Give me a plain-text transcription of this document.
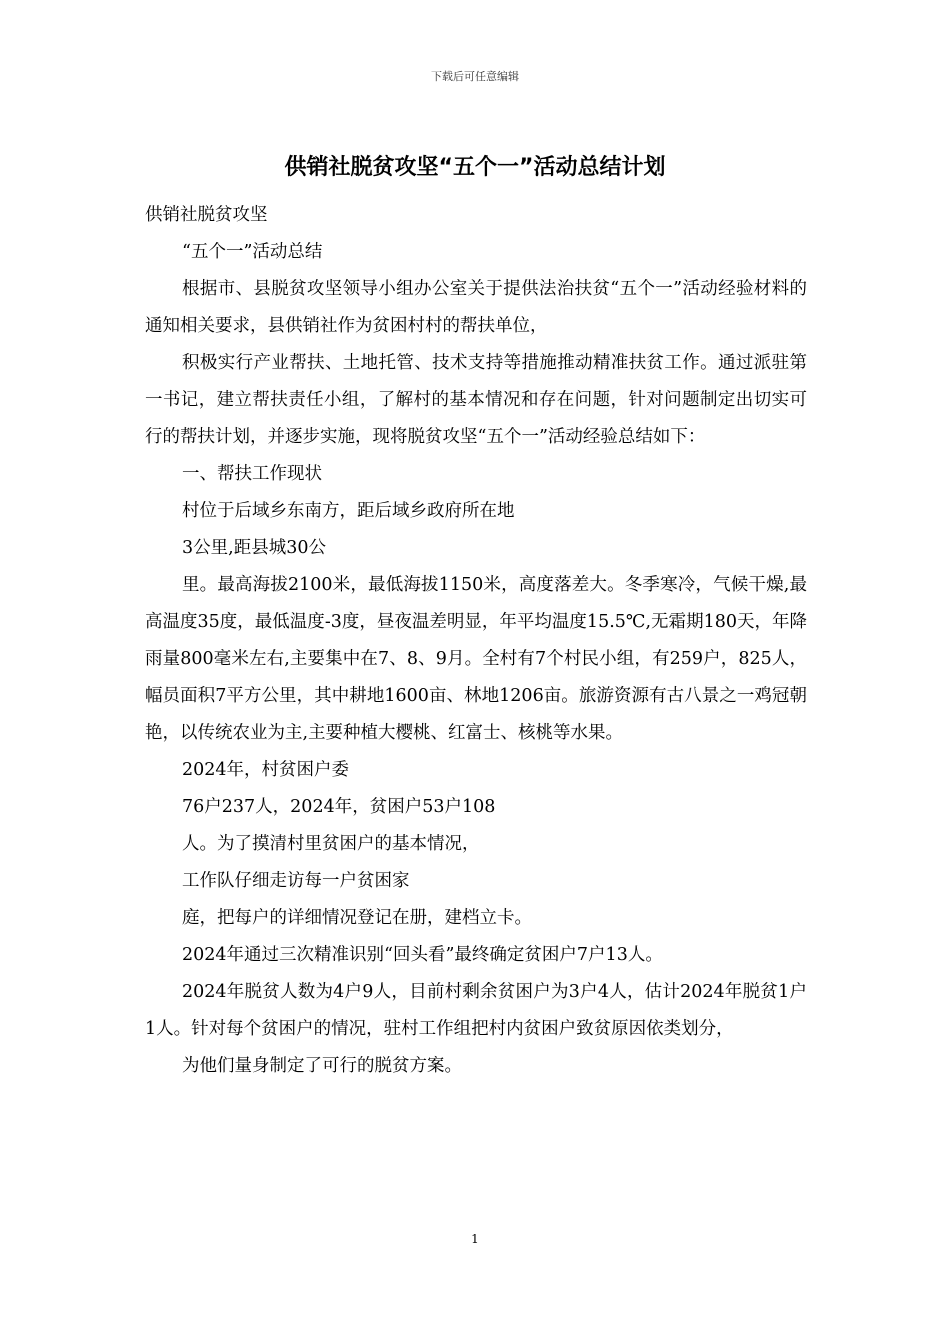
下载后可任意编辑
供销社脱贫攻坚“五个一”活动总结计划

供销社脱贫攻坚

“五个一”活动总结

根据市、县脱贫攻坚领导小组办公室关于提供法治扶贫“五个一”活动经验材料的通知相关要求，县供销社作为贫困村村的帮扶单位，

积极实行产业帮扶、土地托管、技术支持等措施推动精准扶贫工作。通过派驻第一书记，建立帮扶责任小组，了解村的基本情况和存在问题，针对问题制定出切实可行的帮扶计划，并逐步实施，现将脱贫攻坚“五个一”活动经验总结如下：

一、帮扶工作现状

村位于后域乡东南方，距后域乡政府所在地

3公里,距县城30公

里。最高海拔2100米，最低海拔1150米，高度落差大。冬季寒冷，气候干燥,最高温度35度，最低温度-3度，昼夜温差明显，年平均温度15.5℃,无霜期180天，年降雨量800毫米左右,主要集中在7、8、9月。全村有7个村民小组，有259户，825人，幅员面积7平方公里，其中耕地1600亩、林地1206亩。旅游资源有古八景之一鸡冠朝艳，以传统农业为主,主要种植大樱桃、红富士、核桃等水果。

2024年，村贫困户委

76户237人，2024年，贫困户53户108

人。为了摸清村里贫困户的基本情况，

工作队仔细走访每一户贫困家

庭，把每户的详细情况登记在册，建档立卡。

2024年通过三次精准识别“回头看”最终确定贫困户7户13人。

2024年脱贫人数为4户9人，目前村剩余贫困户为3户4人，估计2024年脱贫1户1人。针对每个贫困户的情况，驻村工作组把村内贫困户致贫原因依类划分，

为他们量身制定了可行的脱贫方案。

1
